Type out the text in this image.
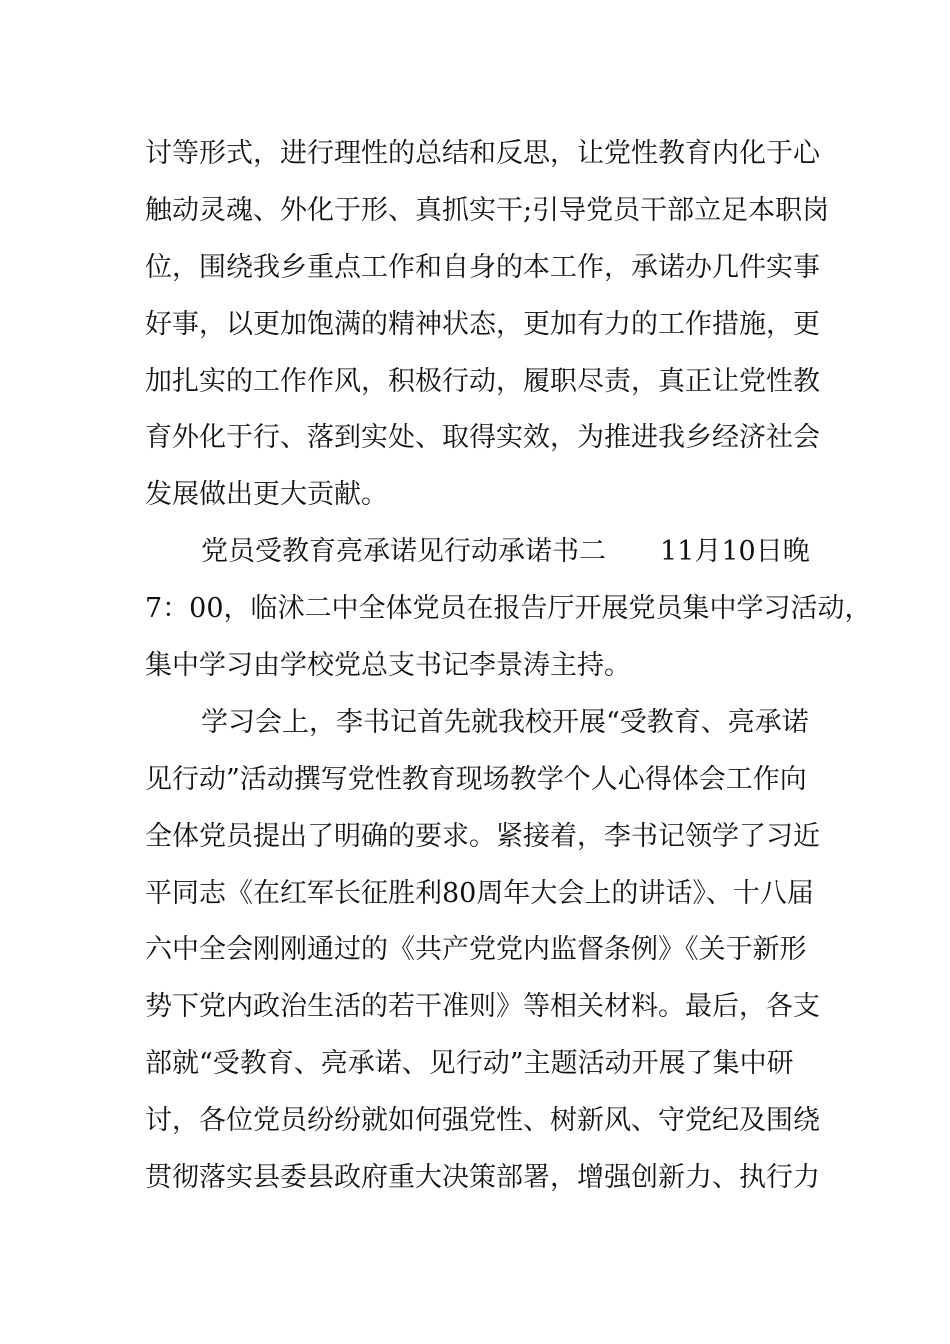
讨等形式，进行理性的总结和反思，让党性教育内化于心
触动灵魂、外化于形、真抓实干;引导党员干部立足本职岗
位，围绕我乡重点工作和自身的本工作，承诺办几件实事
好事，以更加饱满的精神状态，更加有力的工作措施，更
加扎实的工作作风，积极行动，履职尽责，真正让党性教
育外化于行、落到实处、取得实效，为推进我乡经济社会
发展做出更大贡献。
党员受教育亮承诺见行动承诺书二　　11月10日晚
7：00，临沭二中全体党员在报告厅开展党员集中学习活动，
集中学习由学校党总支书记李景涛主持。
学习会上，李书记首先就我校开展“受教育、亮承诺
见行动”活动撰写党性教育现场教学个人心得体会工作向
全体党员提出了明确的要求。紧接着，李书记领学了习近
平同志《在红军长征胜利80周年大会上的讲话》、十八届
六中全会刚刚通过的《共产党党内监督条例》《关于新形
势下党内政治生活的若干准则》等相关材料。最后，各支
部就“受教育、亮承诺、见行动”主题活动开展了集中研
讨，各位党员纷纷就如何强党性、树新风、守党纪及围绕
贯彻落实县委县政府重大决策部署，增强创新力、执行力
